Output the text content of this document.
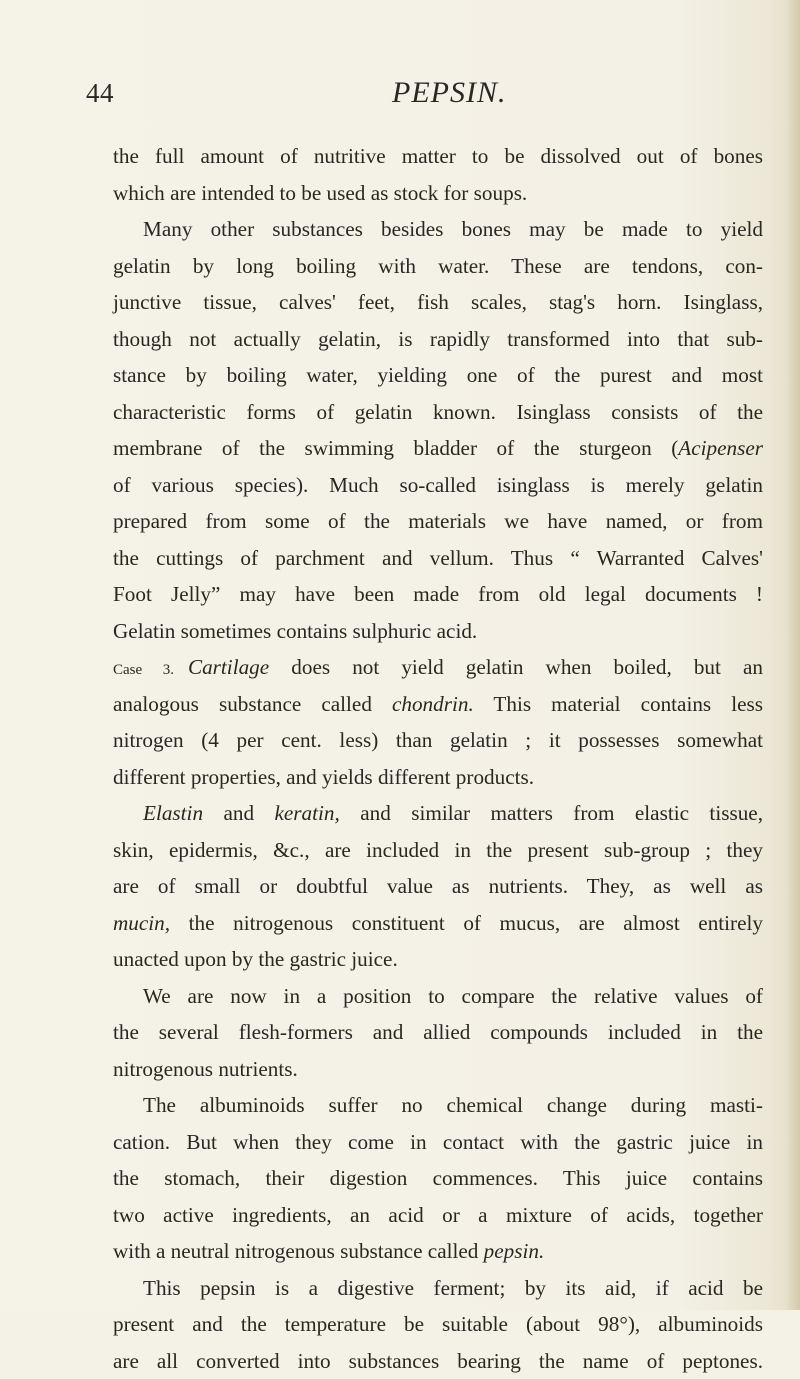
44	PEPSIN.
the full amount of nutritive matter to be dissolved out of bones
which are intended to be used as stock for soups.
Many other substances besides bones may be made to yield
gelatin by long boiling with water. These are tendons, con-
junctive tissue, calves' feet, fish scales, stag's horn. Isinglass,
though not actually gelatin, is rapidly transformed into that sub-
stance by boiling water, yielding one of the purest and most
characteristic forms of gelatin known. Isinglass consists of the
membrane of the swimming bladder of the sturgeon (Acipenser
of various species). Much so-called isinglass is merely gelatin
prepared from some of the materials we have named, or from
the cuttings of parchment and vellum. Thus “ Warranted Calves'
Foot Jelly” may have been made from old legal documents !
Gelatin sometimes contains sulphuric acid.
Case 3. Cartilage does not yield gelatin when boiled, but an
analogous substance called chondrin. This material contains less
nitrogen (4 per cent. less) than gelatin ; it possesses somewhat
different properties, and yields different products.
Elastin and keratin, and similar matters from elastic tissue,
skin, epidermis, &c., are included in the present sub-group ; they
are of small or doubtful value as nutrients. They, as well as
mucin, the nitrogenous constituent of mucus, are almost entirely
unacted upon by the gastric juice.
We are now in a position to compare the relative values of
the several flesh-formers and allied compounds included in the
nitrogenous nutrients.
The albuminoids suffer no chemical change during masti-
cation. But when they come in contact with the gastric juice in
the stomach, their digestion commences. This juice contains
two active ingredients, an acid or a mixture of acids, together
with a neutral nitrogenous substance called pepsin.
This pepsin is a digestive ferment; by its aid, if acid be
present and the temperature be suitable (about 98°), albuminoids
are all converted into substances bearing the name of peptones.
